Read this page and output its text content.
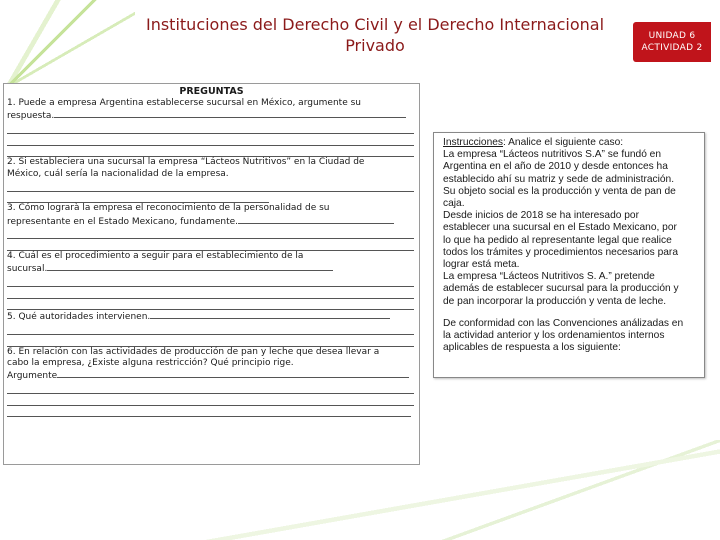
Instituciones del Derecho Civil y el Derecho Internacional
Privado	UNIDAD 6
ACTIVIDAD 2
PREGUNTAS

1. Puede a empresa Argentina establecerse sucursal en México, argumente su

respuesta.

2. Si estableciera una sucursal la empresa “Lácteos Nutritivos” en la Ciudad de

México, cuál sería la nacionalidad de la empresa.

3. Cómo lograrà la empresa el reconocimiento de la personalidad de su

representante en el Estado Mexicano, fundamente.

4. Cuál es el procedimiento a seguir para el establecimiento de la

sucursal.
5. Qué autoridades intervienen.

6. En relación con las actividades de producción de pan y leche que desea llevar a

cabo la empresa, ¿Existe alguna restricción? Qué principio rige.

Argumente

Instrucciones: Analice el siguiente caso:

La empresa “Lácteos nutritivos S.A” se fundó en

Argentina en el año de 2010 y desde entonces ha

establecido ahí su matriz y sede de administración.

Su objeto social es la producción y venta de pan de

caja.

Desde inicios de 2018 se ha interesado por

establecer una sucursal en el Estado Mexicano, por

lo que ha pedido al representante legal que realice

todos los trámites y procedimientos necesarios para

lograr está meta.

La empresa “Lácteos Nutritivos S. A.” pretende

además de establecer sucursal para la producción y

de pan incorporar la producción y venta de leche.

De conformidad con las Convenciones análizadas en

la actividad anterior y los ordenamientos internos

aplicables de respuesta a los siguiente:
